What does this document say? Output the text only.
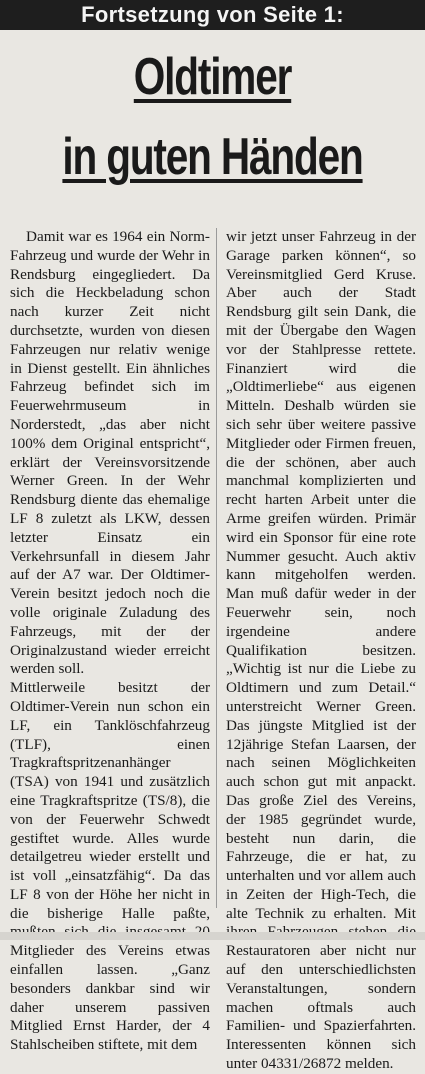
Fortsetzung von Seite 1:
Oldtimer
in guten Händen

Damit war es 1964 ein Norm-Fahrzeug und wurde der Wehr in Rendsburg eingegliedert. Da sich die Heckbeladung schon nach kurzer Zeit nicht durchsetzte, wurden von diesen Fahrzeugen nur relativ wenige in Dienst gestellt. Ein ähnliches Fahrzeug befindet sich im Feuerwehrmuseum in Norderstedt, „das aber nicht 100% dem Original entspricht“, erklärt der Vereinsvorsitzende Werner Green. In der Wehr Rendsburg diente das ehemalige LF 8 zuletzt als LKW, dessen letzter Einsatz ein Verkehrsunfall in diesem Jahr auf der A7 war. Der Oldtimer-Verein besitzt jedoch noch die volle originale Zuladung des Fahrzeugs, mit der der Originalzustand wieder erreicht werden soll.

Mittlerweile besitzt der Oldtimer-Verein nun schon ein LF, ein Tanklöschfahrzeug (TLF), einen Tragkraftspritzenanhänger (TSA) von 1941 und zusätzlich eine Tragkraftspritze (TS/8), die von der Feuerwehr Schwedt gestiftet wurde. Alles wurde detailgetreu wieder erstellt und ist voll „einsatzfähig“. Da das LF 8 von der Höhe her nicht in die bisherige Halle paßte, Mitglieder des Vereins etwas einfallen lassen. „Ganz besonders dankbar sind wir daher unserem passiven Mitglied Ernst Harder, der 4 Stahlscheiben stiftete, mit dem

wir jetzt unser Fahrzeug in der Garage parken können“, so Vereinsmitglied Gerd Kruse. Aber auch der Stadt Rendsburg gilt sein Dank, die mit der Übergabe den Wagen vor der Stahlpresse rettete. Finanziert wird die „Oldtimerliebe“ aus eigenen Mitteln. Deshalb würden sie sich sehr über weitere passive Mitglieder oder Firmen freuen, die der schönen, aber auch manchmal komplizierten und recht harten Arbeit unter die Arme greifen würden. Primär wird ein Sponsor für eine rote Nummer gesucht. Auch aktiv kann mitgeholfen werden. Man muß dafür weder in der Feuerwehr sein, noch irgendeine andere Qualifikation besitzen. „Wichtig ist nur die Liebe zu Oldtimern und zum Detail.“ unterstreicht Werner Green. Das jüngste Mitglied ist der 12jährige Stefan Laarsen, der nach seinen Möglichkeiten auch schon gut mit anpackt. Das große Ziel des Vereins, der 1985 gegründet wurde, besteht nun darin, die Fahrzeuge, die er hat, zu unterhalten und vor allem auch in Zeiten der High-Tech, die alte Technik zu erhalten. Mit Restauratoren aber nicht nur auf den unterschiedlichsten Veranstaltungen, sondern machen oftmals auch Familien- und Spazierfahrten. Interessenten können sich unter 04331/26872 melden.
